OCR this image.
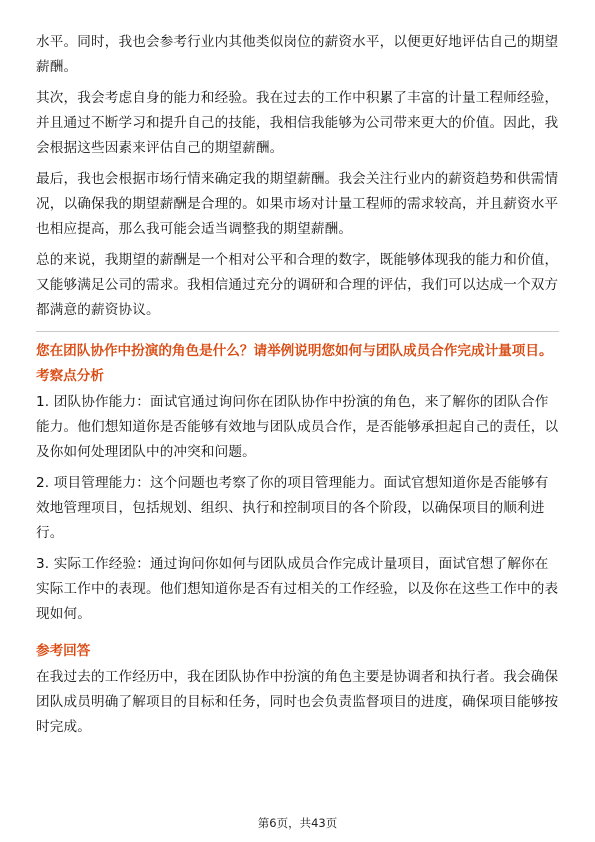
水平。同时，我也会参考行业内其他类似岗位的薪资水平，以便更好地评估自己的期望薪酬。

其次，我会考虑自身的能力和经验。我在过去的工作中积累了丰富的计量工程师经验，并且通过不断学习和提升自己的技能，我相信我能够为公司带来更大的价值。因此，我会根据这些因素来评估自己的期望薪酬。

最后，我也会根据市场行情来确定我的期望薪酬。我会关注行业内的薪资趋势和供需情况，以确保我的期望薪酬是合理的。如果市场对计量工程师的需求较高，并且薪资水平也相应提高，那么我可能会适当调整我的期望薪酬。

总的来说，我期望的薪酬是一个相对公平和合理的数字，既能够体现我的能力和价值，又能够满足公司的需求。我相信通过充分的调研和合理的评估，我们可以达成一个双方都满意的薪资协议。

您在团队协作中扮演的角色是什么？请举例说明您如何与团队成员合作完成计量项目。

考察点分析

1. 团队协作能力：面试官通过询问你在团队协作中扮演的角色，来了解你的团队合作能力。他们想知道你是否能够有效地与团队成员合作，是否能够承担起自己的责任，以及你如何处理团队中的冲突和问题。

2. 项目管理能力：这个问题也考察了你的项目管理能力。面试官想知道你是否能够有效地管理项目，包括规划、组织、执行和控制项目的各个阶段，以确保项目的顺利进行。

3. 实际工作经验：通过询问你如何与团队成员合作完成计量项目，面试官想了解你在实际工作中的表现。他们想知道你是否有过相关的工作经验，以及你在这些工作中的表现如何。

参考回答

在我过去的工作经历中，我在团队协作中扮演的角色主要是协调者和执行者。我会确保团队成员明确了解项目的目标和任务，同时也会负责监督项目的进度，确保项目能够按时完成。

第6页，共43页
